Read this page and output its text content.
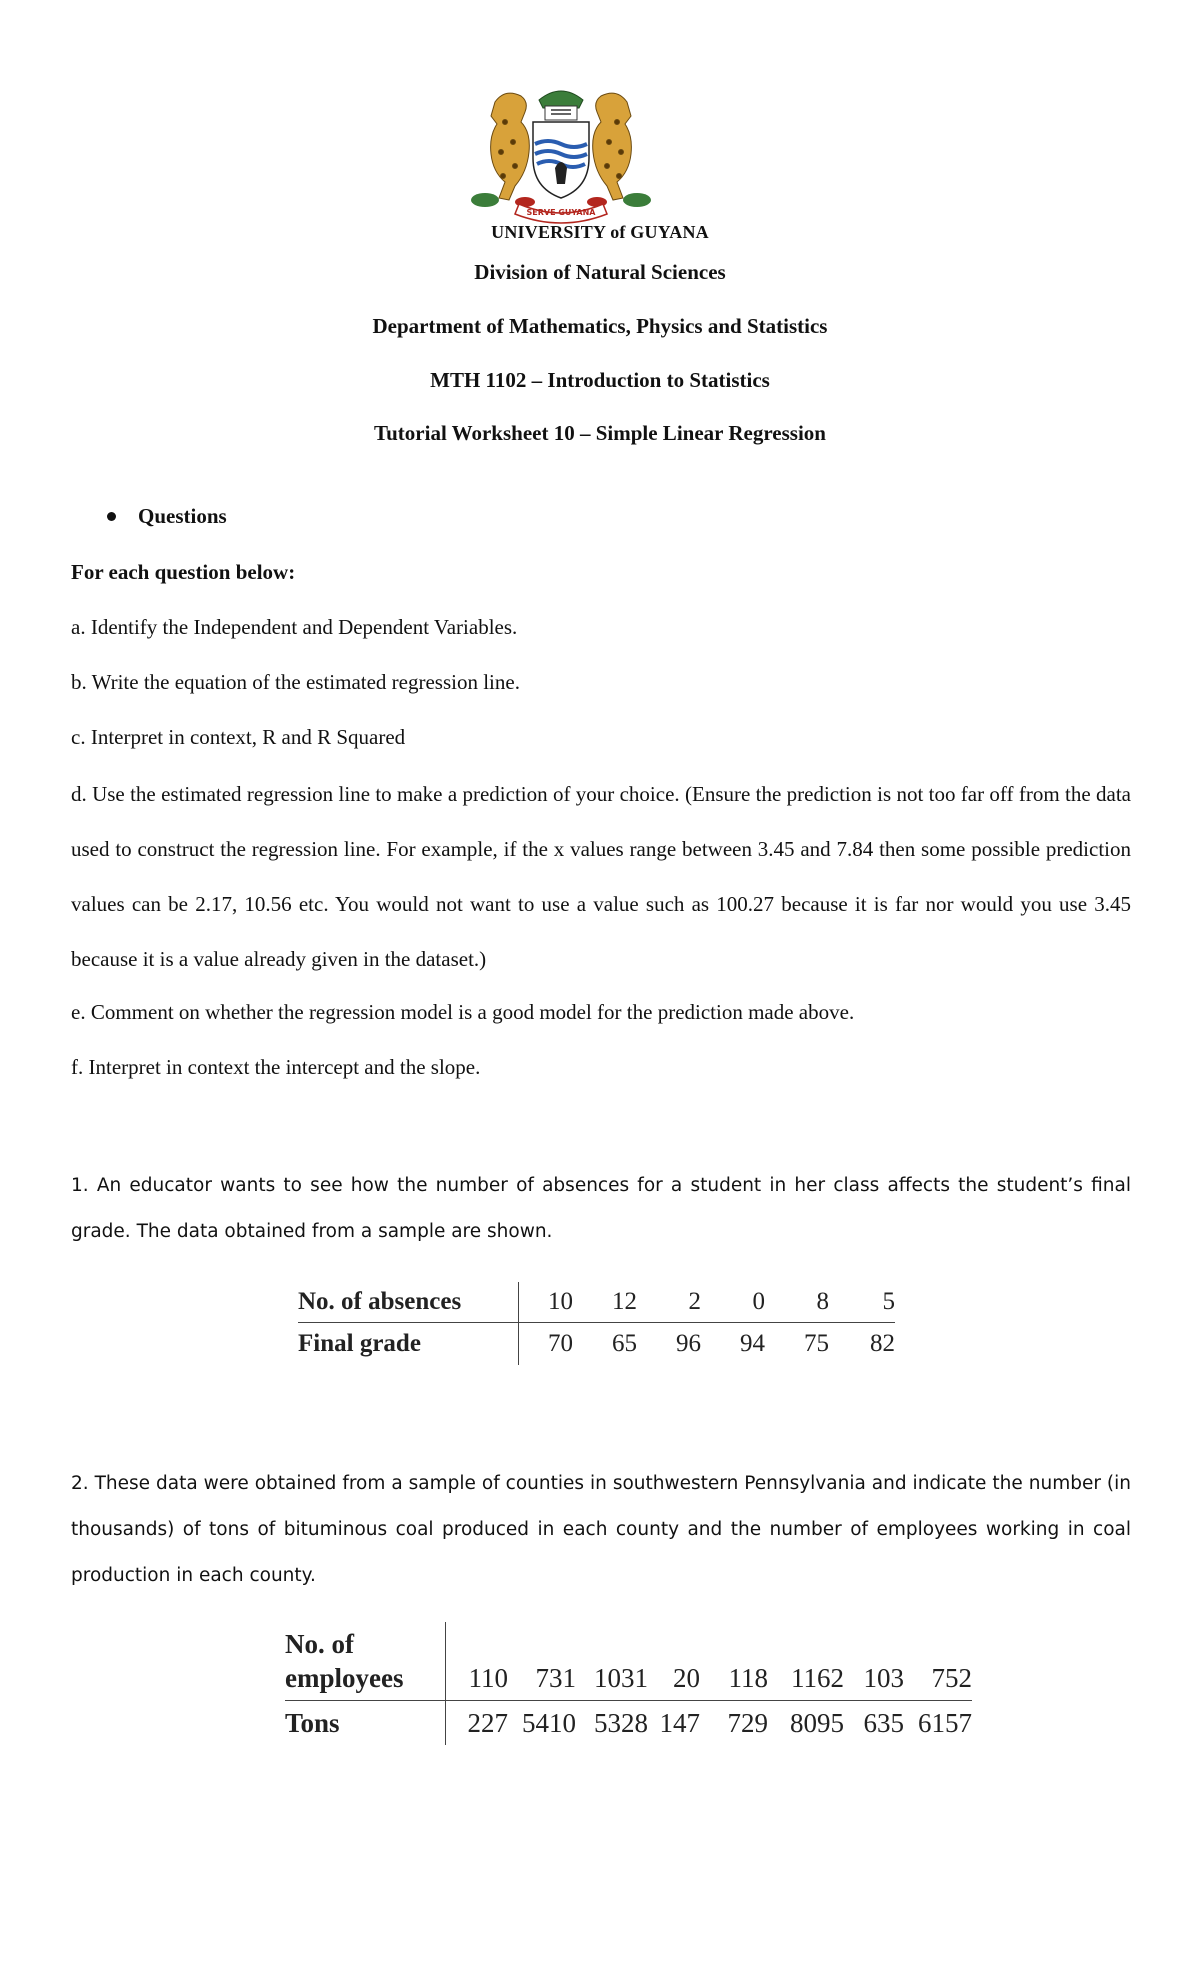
SERVE GUYANA
UNIVERSITY of GUYANA
Division of Natural Sciences
Department of Mathematics, Physics and Statistics
MTH 1102 – Introduction to Statistics
Tutorial Worksheet 10 – Simple Linear Regression
Questions
For each question below:
a. Identify the Independent and Dependent Variables.
b. Write the equation of the estimated regression line.
c. Interpret in context, R and R Squared
d. Use the estimated regression line to make a prediction of your choice. (Ensure the prediction is not too far off from the data used to construct the regression line. For example, if the x values range between 3.45 and 7.84 then some possible prediction values can be 2.17, 10.56 etc. You would not want to use a value such as 100.27 because it is far nor would you use 3.45 because it is a value already given in the dataset.)
e. Comment on whether the regression model is a good model for the prediction made above.
f. Interpret in context the intercept and the slope.
1. An educator wants to see how the number of absences for a student in her class affects the student’s final grade. The data obtained from a sample are shown.
No. of absences	10	12	2	0	8	5
Final grade	70	65	96	94	75	82
2. These data were obtained from a sample of counties in southwestern Pennsylvania and indicate the number (in thousands) of tons of bituminous coal produced in each county and the number of employees working in coal production in each county.
No. of
employees	110	731	1031	20	118	1162	103	752
Tons	227	5410	5328	147	729	8095	635	6157
